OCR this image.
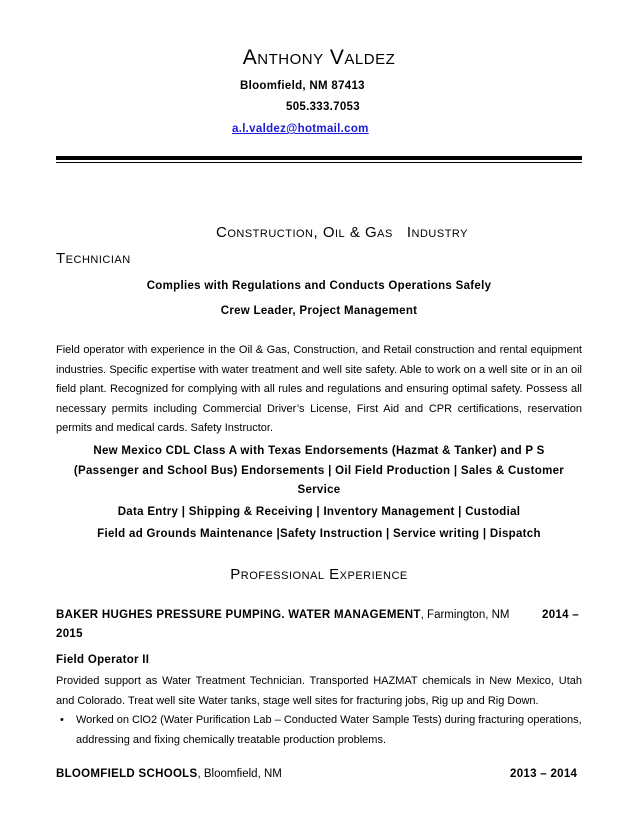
Anthony Valdez
Bloomfield, NM 87413
505.333.7053
a.l.valdez@hotmail.com
Construction, Oil & Gas   Industry
Technician
Complies with Regulations and Conducts Operations Safely
Crew Leader, Project Management
Field operator with experience in the Oil & Gas, Construction, and Retail construction and rental equipment industries. Specific expertise with water treatment and well site safety. Able to work on a well site or in an oil field plant. Recognized for complying with all rules and regulations and ensuring optimal safety. Possess all necessary permits including Commercial Driver’s License, First Aid and CPR certifications, reservation permits and medical cards. Safety Instructor.
New Mexico CDL Class A with Texas Endorsements (Hazmat & Tanker) and P S (Passenger and School Bus) Endorsements | Oil Field Production | Sales & Customer Service
Data Entry | Shipping & Receiving | Inventory Management | Custodial
Field ad Grounds Maintenance |Safety Instruction | Service writing | Dispatch
Professional Experience
BAKER HUGHES PRESSURE PUMPING. WATER MANAGEMENT, Farmington, NM	2014 –
2015
Field Operator II
Provided support as Water Treatment Technician. Transported HAZMAT chemicals in New Mexico, Utah and Colorado. Treat well site Water tanks, stage well sites for fracturing jobs, Rig up and Rig Down.
• Worked on ClO2 (Water Purification Lab – Conducted Water Sample Tests) during fracturing operations, addressing and fixing chemically treatable production problems.
BLOOMFIELD SCHOOLS, Bloomfield, NM	2013 – 2014
